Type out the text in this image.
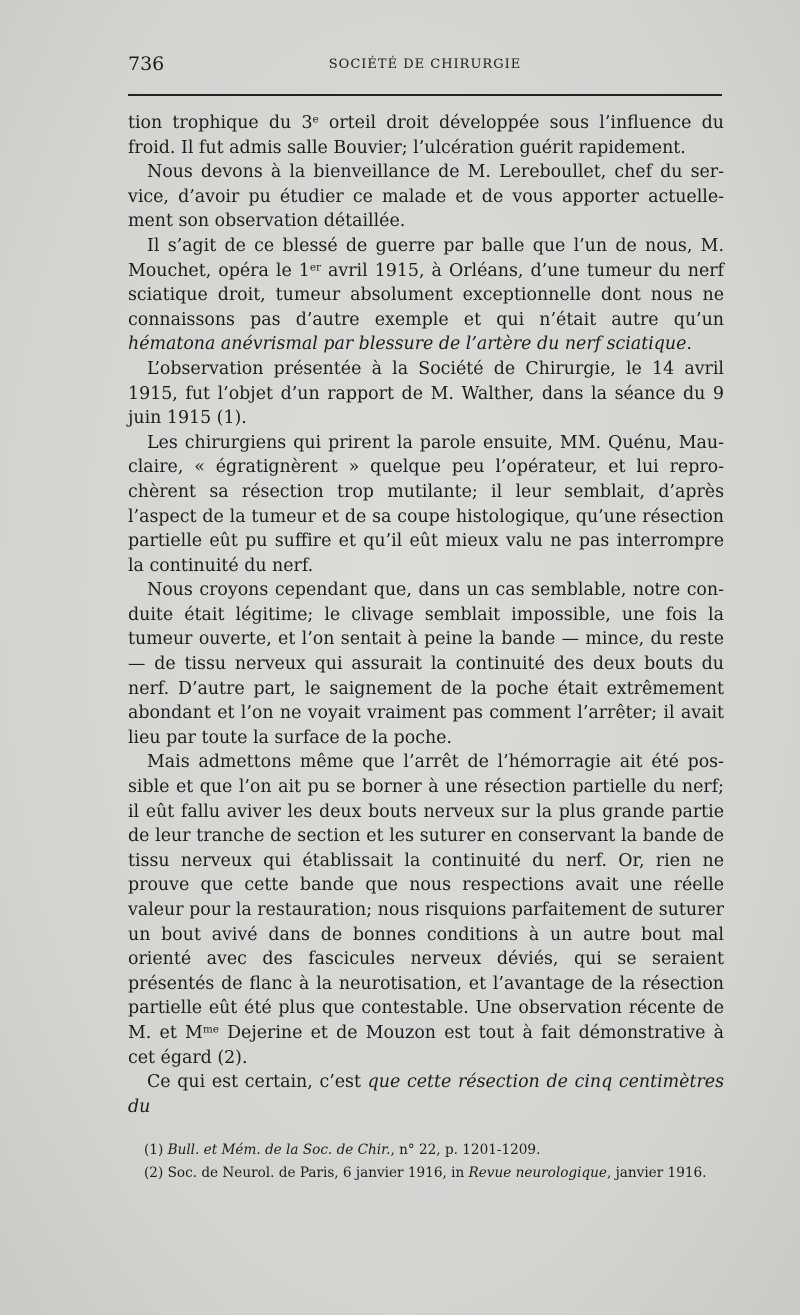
736	SOCIÉTÉ DE CHIRURGIE

tion trophique du 3e orteil droit développée sous l’influence du froid. Il fut admis salle Bouvier; l’ulcération guérit rapidement.

Nous devons à la bienveillance de M. Lereboullet, chef du service, d’avoir pu étudier ce malade et de vous apporter actuellement son observation détaillée.

Il s’agit de ce blessé de guerre par balle que l’un de nous, M. Mouchet, opéra le 1er avril 1915, à Orléans, d’une tumeur du nerf sciatique droit, tumeur absolument exceptionnelle dont nous ne connaissons pas d’autre exemple et qui n’était autre qu’un hématona anévrismal par blessure de l’artère du nerf sciatique.

L’observation présentée à la Société de Chirurgie, le 14 avril 1915, fut l’objet d’un rapport de M. Walther, dans la séance du 9 juin 1915 (1).

Les chirurgiens qui prirent la parole ensuite, MM. Quénu, Mauclaire, « égratignèrent » quelque peu l’opérateur, et lui reprochèrent sa résection trop mutilante; il leur semblait, d’après l’aspect de la tumeur et de sa coupe histologique, qu’une résection partielle eût pu suffire et qu’il eût mieux valu ne pas interrompre la continuité du nerf.

Nous croyons cependant que, dans un cas semblable, notre conduite était légitime; le clivage semblait impossible, une fois la tumeur ouverte, et l’on sentait à peine la bande — mince, du reste — de tissu nerveux qui assurait la continuité des deux bouts du nerf. D’autre part, le saignement de la poche était extrêmement abondant et l’on ne voyait vraiment pas comment l’arrêter; il avait lieu par toute la surface de la poche.

Mais admettons même que l’arrêt de l’hémorragie ait été possible et que l’on ait pu se borner à une résection partielle du nerf; il eût fallu aviver les deux bouts nerveux sur la plus grande partie de leur tranche de section et les suturer en conservant la bande de tissu nerveux qui établissait la continuité du nerf. Or, rien ne prouve que cette bande que nous respections avait une réelle valeur pour la restauration; nous risquions parfaitement de suturer un bout avivé dans de bonnes conditions à un autre bout mal orienté avec des fascicules nerveux déviés, qui se seraient présentés de flanc à la neurotisation, et l’avantage de la résection partielle eût été plus que contestable. Une observation récente de M. et $M^{me}$ Dejerine et de Mouzon est tout à fait démonstrative à cet égard (2).

Ce qui est certain, c’est que cette résection de cinq centimètres du

(1) Bull. et Mém. de la Soc. de Chir., n° 22, p. 1201-1209.

(2) Soc. de Neurol. de Paris, 6 janvier 1916, in Revue neurologique, janvier 1916.
